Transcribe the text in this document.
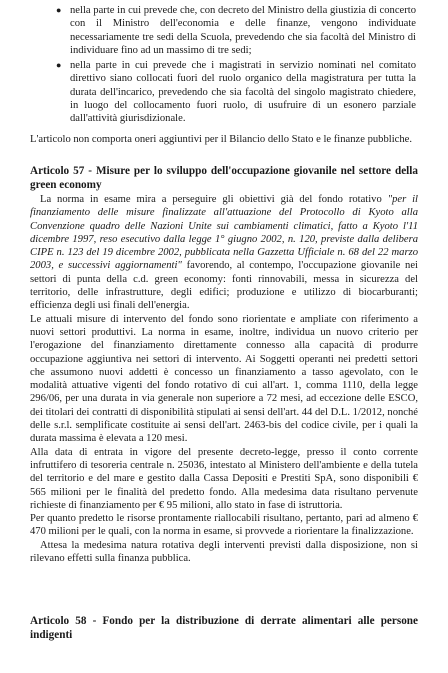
● nella parte in cui prevede che, con decreto del Ministro della giustizia di concerto con il Ministro dell'economia e delle finanze, vengono individuate necessariamente tre sedi della Scuola, prevedendo che sia facoltà del Ministro di individuare fino ad un massimo di tre sedi;
● nella parte in cui prevede che i magistrati in servizio nominati nel comitato direttivo siano collocati fuori del ruolo organico della magistratura per tutta la durata dell'incarico, prevedendo che sia facoltà del singolo magistrato chiedere, in luogo del collocamento fuori ruolo, di usufruire di un esonero parziale dall'attività giurisdizionale.

L'articolo non comporta oneri aggiuntivi per il Bilancio dello Stato e le finanze pubbliche.

Articolo 57 - Misure per lo sviluppo dell'occupazione giovanile nel settore della green economy

La norma in esame mira a perseguire gli obiettivi già del fondo rotativo "per il finanziamento delle misure finalizzate all'attuazione del Protocollo di Kyoto alla Convenzione quadro delle Nazioni Unite sui cambiamenti climatici, fatto a Kyoto l'11 dicembre 1997, reso esecutivo dalla legge 1° giugno 2002, n. 120, previste dalla delibera CIPE n. 123 del 19 dicembre 2002, pubblicata nella Gazzetta Ufficiale n. 68 del 22 marzo 2003, e successivi aggiornamenti" favorendo, al contempo, l'occupazione giovanile nei settori di punta della c.d. green economy: fonti rinnovabili, messa in sicurezza del territorio, delle infrastrutture, degli edifici; produzione e utilizzo di biocarburanti; efficienza degli usi finali dell'energia.

Le attuali misure di intervento del fondo sono riorientate e ampliate con riferimento a nuovi settori produttivi. La norma in esame, inoltre, individua un nuovo criterio per l'erogazione del finanziamento direttamente connesso alla capacità di produrre occupazione aggiuntiva nei settori di intervento. Ai Soggetti operanti nei predetti settori che assumono nuovi addetti è concesso un finanziamento a tasso agevolato, con le modalità attuative vigenti del fondo rotativo di cui all'art. 1, comma 1110, della legge 296/06, per una durata in via generale non superiore a 72 mesi, ad eccezione delle ESCO, dei titolari dei contratti di disponibilità stipulati ai sensi dell'art. 44 del D.L. 1/2012, nonché delle s.r.l. semplificate costituite ai sensi dell'art. 2463-bis del codice civile, per i quali la durata massima è elevata a 120 mesi.

Alla data di entrata in vigore del presente decreto-legge, presso il conto corrente infruttifero di tesoreria centrale n. 25036, intestato al Ministero dell'ambiente e della tutela del territorio e del mare e gestito dalla Cassa Depositi e Prestiti SpA, sono disponibili € 565 milioni per le finalità del predetto fondo. Alla medesima data risultano pervenute richieste di finanziamento per € 95 milioni, allo stato in fase di istruttoria.

Per quanto predetto le risorse prontamente riallocabili risultano, pertanto, pari ad almeno € 470 milioni per le quali, con la norma in esame, si provvede a riorientare la finalizzazione.

Attesa la medesima natura rotativa degli interventi previsti dalla disposizione, non si rilevano effetti sulla finanza pubblica.

Articolo 58 - Fondo per la distribuzione di derrate alimentari alle persone indigenti
